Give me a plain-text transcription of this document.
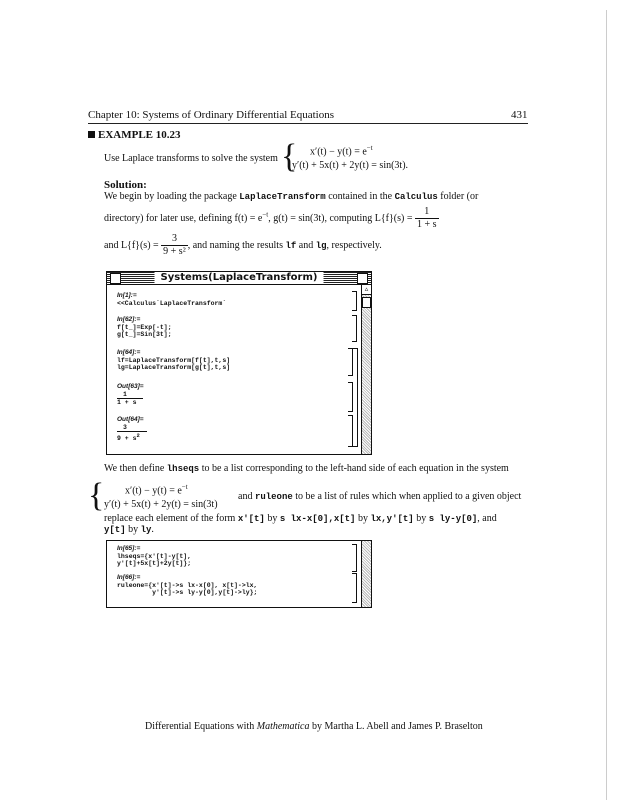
Chapter 10: Systems of Ordinary Differential Equations	431
EXAMPLE 10.23
Use Laplace transforms to solve the system { $x'(t) - y(t) = e^{-t}$
y′(t) + 5x(t) + 2y(t) = sin(3t).
Solution:
We begin by loading the package LaplaceTransform contained in the Calculus folder (or
directory) for later use, defining $f(t) = e^{-t}$, g(t) = sin(3t), computing $L\{f\}(s) = \frac{1}{1 + s}$
and $L\{f\}(s) = \frac{3}{\text{9 + s²}}$ , and naming the results lf and lg, respectively.
Systems(LaplaceTransform)
▵
In[1]:=
<<Calculus`LaplaceTransform`
In[62]:=
f[t_]=Exp[-t];
g[t_]=Sin[3t];
In[64]:=
lf=LaplaceTransform[f[t],t,s]
lg=LaplaceTransform[g[t],t,s]
Out[63]=
1
1 + s
Out[64]=
3
$9 + s^2$
We then define lhseqs to be a list corresponding to the left-hand side of each equation in the system
{ $x'(t) - y(t) = e^{-t}$
y′(t) + 5x(t) + 2y(t) = sin(3t)
and ruleone to be a list of rules which when applied to a given object
replace each element of the form x'[t] by s lx-x[0],x[t] by lx,y'[t] by s ly-y[0], and
y[t] by ly.
In[65]:=
lhseqs={x'[t]-y[t],
y'[t]+5x[t]+2y[t]};
In[66]:=
ruleone={x'[t]->s lx-x[0], x[t]->lx,
y'[t]->s ly-y[0],y[t]->ly};
Differential Equations with Mathematica by Martha L. Abell and James P. Braselton
